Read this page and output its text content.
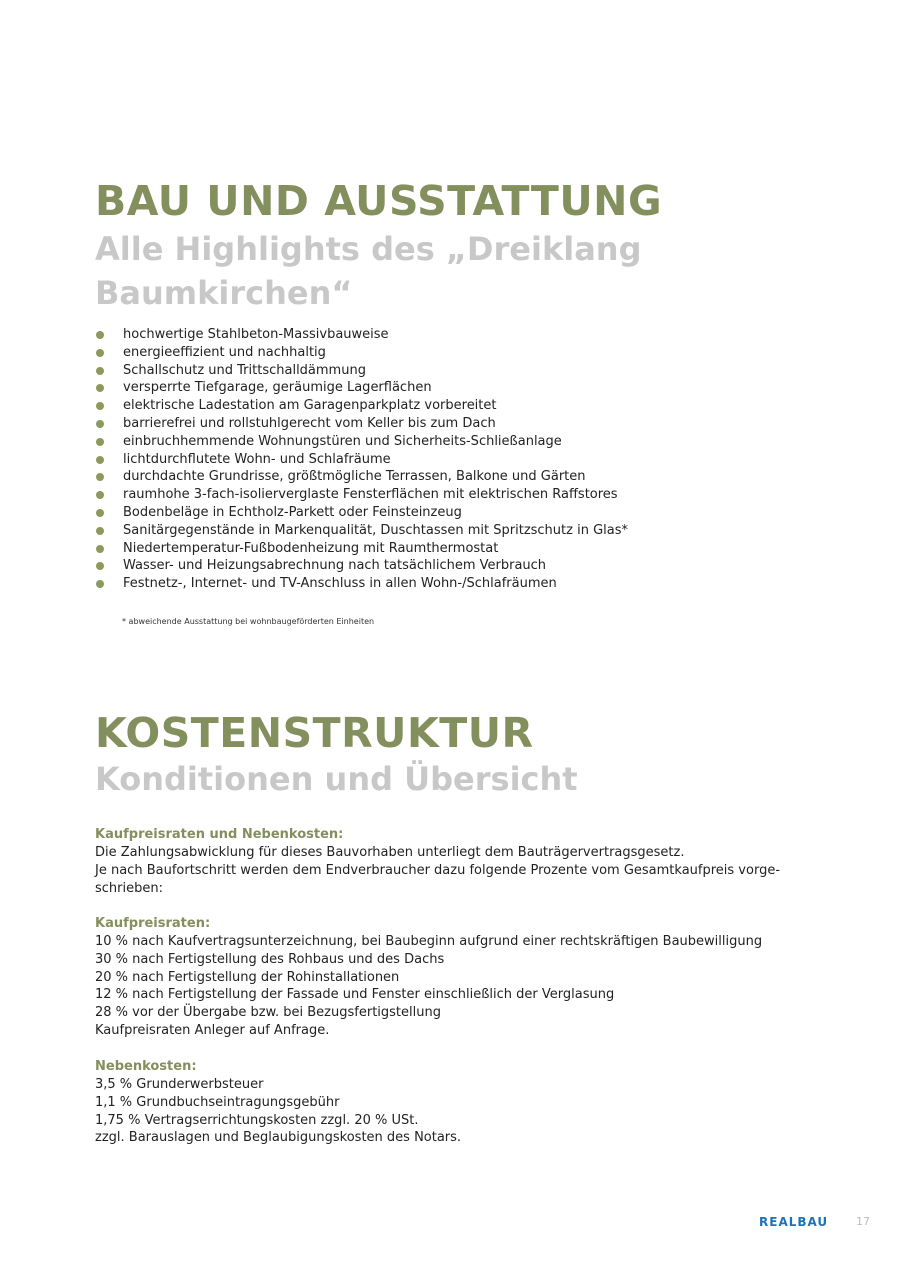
BAU UND AUSSTATTUNG
Alle Highlights des „Dreiklang Baumkirchen“
hochwertige Stahlbeton-Massivbauweise
energieeffizient und nachhaltig
Schallschutz und Trittschalldämmung
versperrte Tiefgarage, geräumige Lagerflächen
elektrische Ladestation am Garagenparkplatz vorbereitet
barrierefrei und rollstuhlgerecht vom Keller bis zum Dach
einbruchhemmende Wohnungstüren und Sicherheits-Schließanlage
lichtdurchflutete Wohn- und Schlafräume
durchdachte Grundrisse, größtmögliche Terrassen, Balkone und Gärten
raumhohe 3-fach-isolierverglaste Fensterflächen mit elektrischen Raffstores
Bodenbeläge in Echtholz-Parkett oder Feinsteinzeug
Sanitärgegenstände in Markenqualität, Duschtassen mit Spritzschutz in Glas*
Niedertemperatur-Fußbodenheizung mit Raumthermostat
Wasser- und Heizungsabrechnung nach tatsächlichem Verbrauch
Festnetz-, Internet- und TV-Anschluss in allen Wohn-/Schlafräumen
* abweichende Ausstattung bei wohnbaugeförderten Einheiten
KOSTENSTRUKTUR
Konditionen und Übersicht
Kaufpreisraten und Nebenkosten:
Die Zahlungsabwicklung für dieses Bauvorhaben unterliegt dem Bauträgervertragsgesetz.
Je nach Baufortschritt werden dem Endverbraucher dazu folgende Prozente vom Gesamtkaufpreis vorge-
schrieben:
Kaufpreisraten:
10 % nach Kaufvertragsunterzeichnung, bei Baubeginn aufgrund einer rechtskräftigen Baubewilligung
30 % nach Fertigstellung des Rohbaus und des Dachs
20 % nach Fertigstellung der Rohinstallationen
12 % nach Fertigstellung der Fassade und Fenster einschließlich der Verglasung
28 % vor der Übergabe bzw. bei Bezugsfertigstellung
Kaufpreisraten Anleger auf Anfrage.
Nebenkosten:
3,5 % Grunderwerbsteuer
1,1 % Grundbuchseintragungsgebühr
1,75 % Vertragserrichtungskosten zzgl. 20 % USt.
zzgl. Barauslagen und Beglaubigungskosten des Notars.
REALBAU	17
